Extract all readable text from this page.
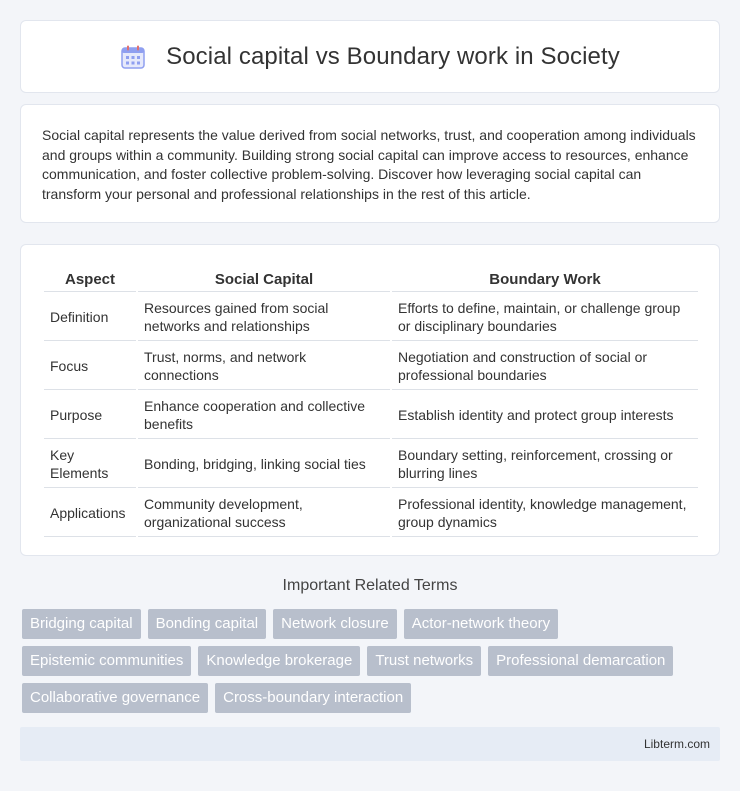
Social capital vs Boundary work in Society

Social capital represents the value derived from social networks, trust, and cooperation among individuals and groups within a community. Building strong social capital can improve access to resources, enhance communication, and foster collective problem-solving. Discover how leveraging social capital can transform your personal and professional relationships in the rest of this article.

Aspect	Social Capital	Boundary Work
Definition	Resources gained from social networks and relationships	Efforts to define, maintain, or challenge group or disciplinary boundaries
Focus	Trust, norms, and network connections	Negotiation and construction of social or professional boundaries
Purpose	Enhance cooperation and collective benefits	Establish identity and protect group interests
Key Elements	Bonding, bridging, linking social ties	Boundary setting, reinforcement, crossing or blurring lines
Applications	Community development, organizational success	Professional identity, knowledge management, group dynamics
Important Related Terms
Bridging capital	Bonding capital	Network closure	Actor-network theory
Epistemic communities	Knowledge brokerage	Trust networks	Professional demarcation
Collaborative governance	Cross-boundary interaction
Libterm.com
